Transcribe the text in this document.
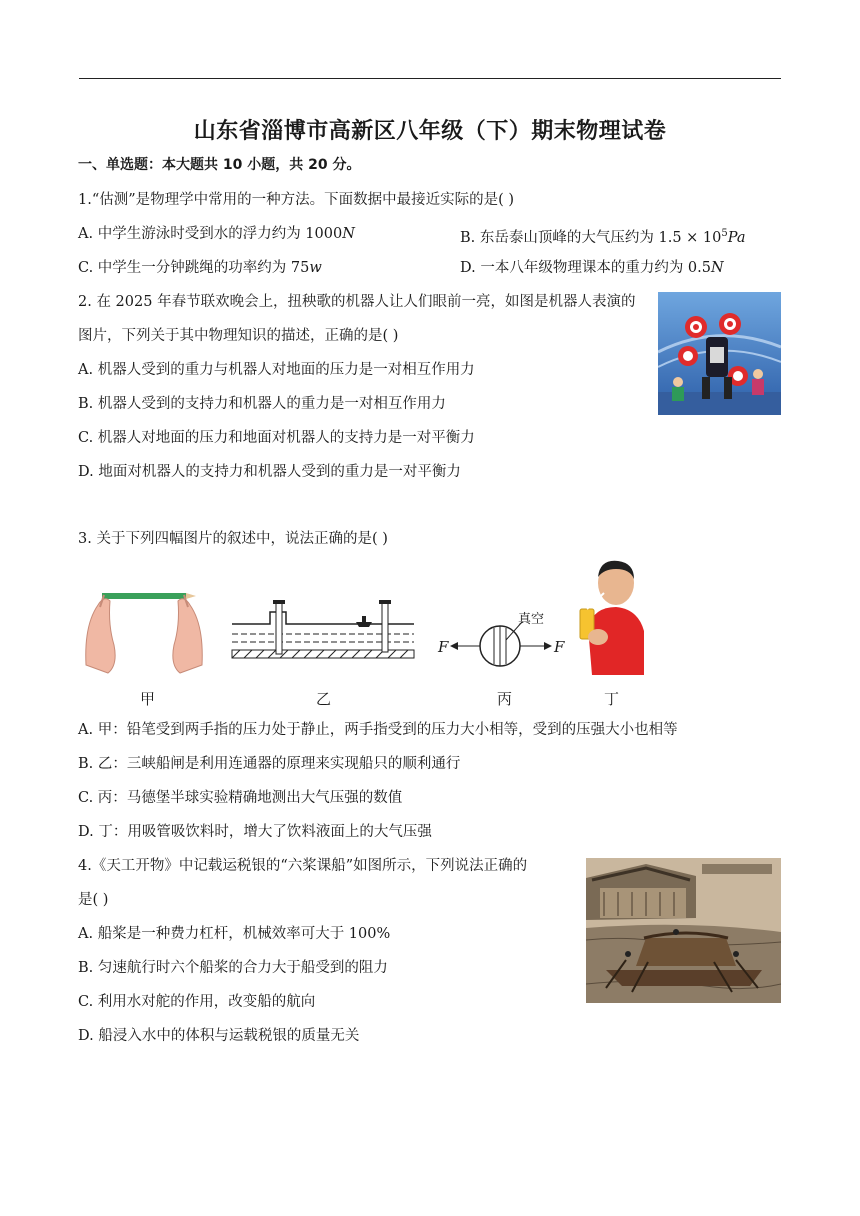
山东省淄博市高新区八年级（下）期末物理试卷
一、单选题：本大题共 10 小题，共 20 分。
1.“估测”是物理学中常用的一种方法。下面数据中最接近实际的是( )
A. 中学生游泳时受到水的浮力约为 1000N	B. 东岳泰山顶峰的大气压约为 $1.5 \times 10^5Pa$
C. 中学生一分钟跳绳的功率约为 75w	D. 一本八年级物理课本的重力约为 0.5N
2. 在 2025 年春节联欢晚会上，扭秧歌的机器人让人们眼前一亮，如图是机器人表演的
图片，下列关于其中物理知识的描述，正确的是( )
A. 机器人受到的重力与机器人对地面的压力是一对相互作用力
B. 机器人受到的支持力和机器人的重力是一对相互作用力
C. 机器人对地面的压力和地面对机器人的支持力是一对平衡力
D. 地面对机器人的支持力和机器人受到的重力是一对平衡力
3. 关于下列四幅图片的叙述中，说法正确的是( )
F	F
真空
甲	乙	丙	丁
A. 甲：铅笔受到两手指的压力处于静止，两手指受到的压力大小相等，受到的压强大小也相等
B. 乙：三峡船闸是利用连通器的原理来实现船只的顺利通行
C. 丙：马德堡半球实验精确地测出大气压强的数值
D. 丁：用吸管吸饮料时，增大了饮料液面上的大气压强
4.《天工开物》中记载运税银的“六桨课船”如图所示，下列说法正确的
是( )
A. 船桨是一种费力杠杆，机械效率可大于 100%
B. 匀速航行时六个船桨的合力大于船受到的阻力
C. 利用水对舵的作用，改变船的航向
D. 船浸入水中的体积与运载税银的质量无关
